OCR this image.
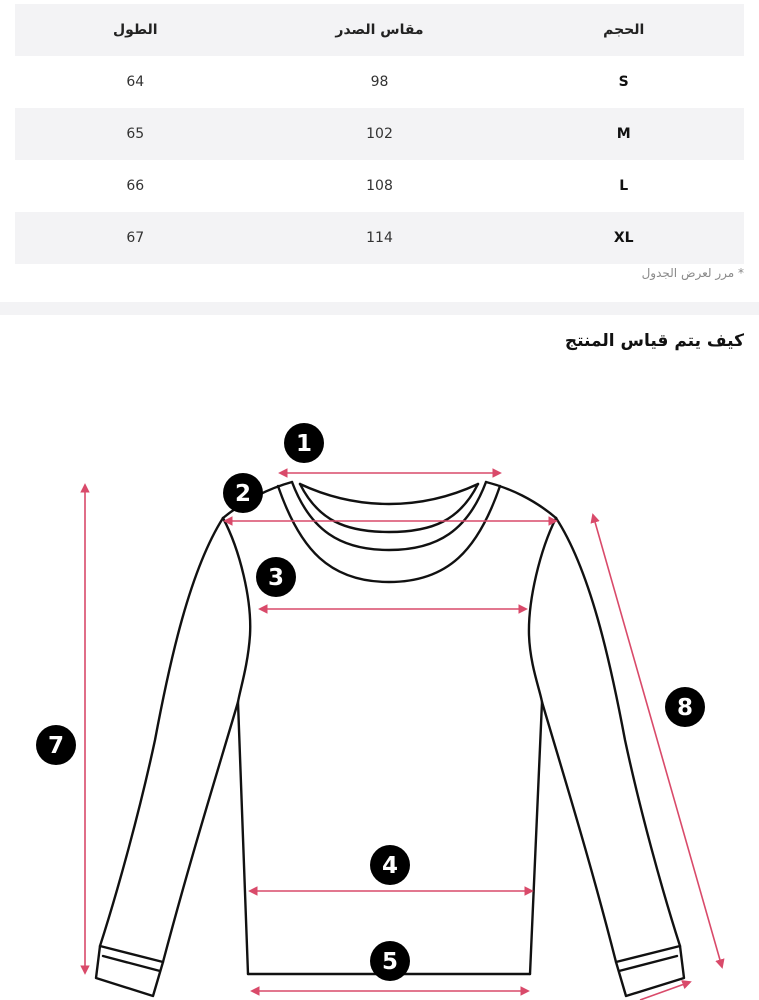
الحجم	مقاس الصدر	الطول
S	98	64
M	102	65
L	108	66
XL	114	67
* مرر لعرض الجدول
كيف يتم قياس المنتج
1
2
3
4
5
7
8
